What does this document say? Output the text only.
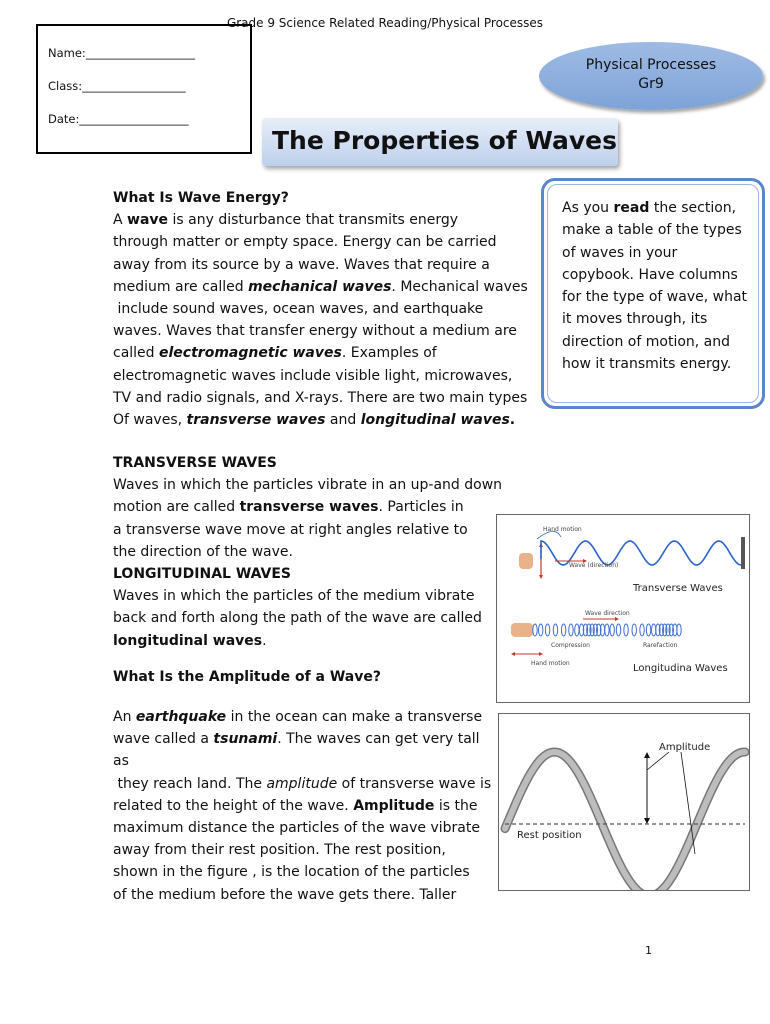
Grade 9 Science Related Reading/Physical Processes
Name:___________________
Class:__________________
Date:___________________
Physical Processes
Gr9
The Properties of Waves
As you read the section, make a table of the types of waves in your copybook. Have columns for the type of wave, what it moves through, its direction of motion, and how it transmits energy.
What Is Wave Energy?
A wave is any disturbance that transmits energy
through matter or empty space. Energy can be carried
away from its source by a wave. Waves that require a
medium are called mechanical waves. Mechanical waves
include sound waves, ocean waves, and earthquake
waves. Waves that transfer energy without a medium are
called electromagnetic waves. Examples of
electromagnetic waves include visible light, microwaves,
TV and radio signals, and X-rays. There are two main types
Of waves, transverse waves and longitudinal waves.
TRANSVERSE WAVES
Waves in which the particles vibrate in an up-and down
motion are called transverse waves. Particles in
a transverse wave move at right angles relative to
the direction of the wave.
LONGITUDINAL WAVES
Waves in which the particles of the medium vibrate
back and forth along the path of the wave are called
longitudinal waves.
What Is the Amplitude of a Wave?
An earthquake in the ocean can make a transverse
wave called a tsunami. The waves can get very tall as
they reach land. The amplitude of transverse wave is
related to the height of the wave. Amplitude is the
maximum distance the particles of the wave vibrate
away from their rest position. The rest position,
shown in the figure , is the location of the particles
of the medium before the wave gets there. Taller
Hand motion
Wave (direction)
Transverse Waves
Wave direction
Compression	Rarefaction
Hand motion	Longitudina Waves
Amplitude
Rest position
1
